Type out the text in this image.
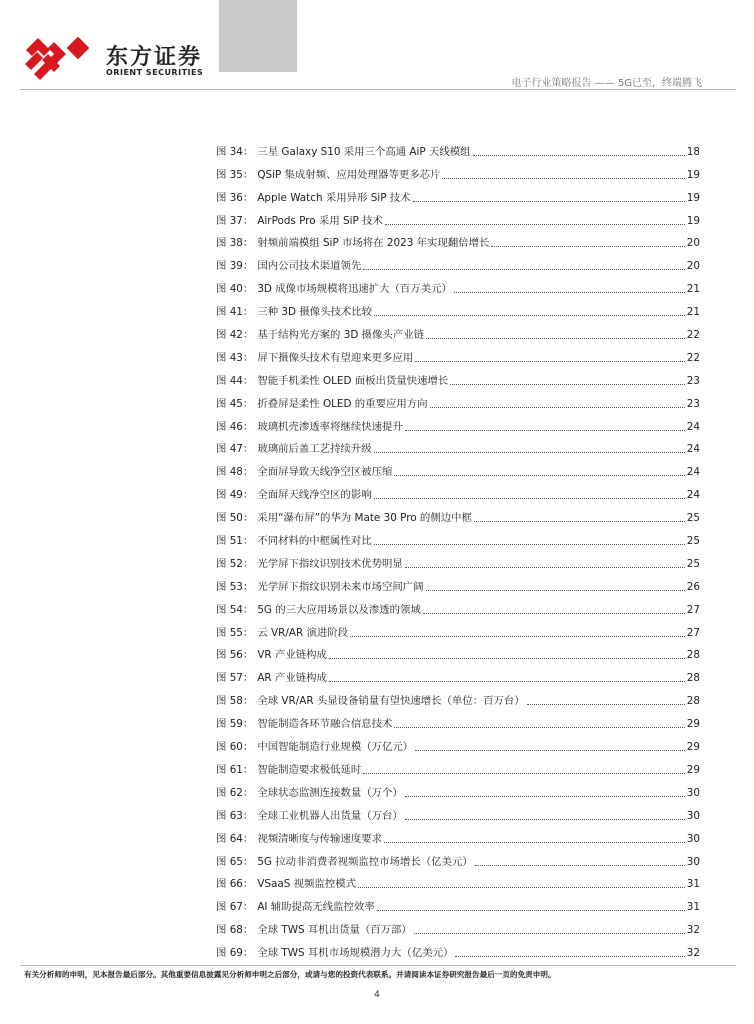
东方证券
ORIENT SECURITIES
电子行业策略报告 —— 5G已至，终端腾飞
图 34： 三星 Galaxy S10 采用三个高通 AiP 天线模组	18
图 35： QSiP 集成射频、应用处理器等更多芯片	19
图 36： Apple Watch 采用异形 SiP 技术	19
图 37： AirPods Pro 采用 SiP 技术	19
图 38： 射频前端模组 SiP 市场将在 2023 年实现翻倍增长	20
图 39： 国内公司技术渠道领先	20
图 40： 3D 成像市场规模将迅速扩大（百万美元）	21
图 41： 三种 3D 摄像头技术比较	21
图 42： 基于结构光方案的 3D 摄像头产业链	22
图 43： 屏下摄像头技术有望迎来更多应用	22
图 44： 智能手机柔性 OLED 面板出货量快速增长	23
图 45： 折叠屏是柔性 OLED 的重要应用方向	23
图 46： 玻璃机壳渗透率将继续快速提升	24
图 47： 玻璃前后盖工艺持续升级	24
图 48： 全面屏导致天线净空区被压缩	24
图 49： 全面屏天线净空区的影响	24
图 50： 采用“瀑布屏”的华为 Mate 30 Pro 的侧边中框	25
图 51： 不同材料的中框属性对比	25
图 52： 光学屏下指纹识别技术优势明显	25
图 53： 光学屏下指纹识别未来市场空间广阔	26
图 54： 5G 的三大应用场景以及渗透的领域	27
图 55： 云 VR/AR 演进阶段	27
图 56： VR 产业链构成	28
图 57： AR 产业链构成	28
图 58： 全球 VR/AR 头显设备销量有望快速增长（单位：百万台）	28
图 59： 智能制造各环节融合信息技术	29
图 60： 中国智能制造行业规模（万亿元）	29
图 61： 智能制造要求极低延时	29
图 62： 全球状态监测连接数量（万个）	30
图 63： 全球工业机器人出货量（万台）	30
图 64： 视频清晰度与传输速度要求	30
图 65： 5G 拉动非消费者视频监控市场增长（亿美元）	30
图 66： VSaaS 视频监控模式	31
图 67： AI 辅助提高无线监控效率	31
图 68： 全球 TWS 耳机出货量（百万部）	32
图 69： 全球 TWS 耳机市场规模潜力大（亿美元）	32
有关分析师的申明，见本报告最后部分。其他重要信息披露见分析师申明之后部分，或请与您的投资代表联系。并请阅读本证券研究报告最后一页的免责申明。
4
